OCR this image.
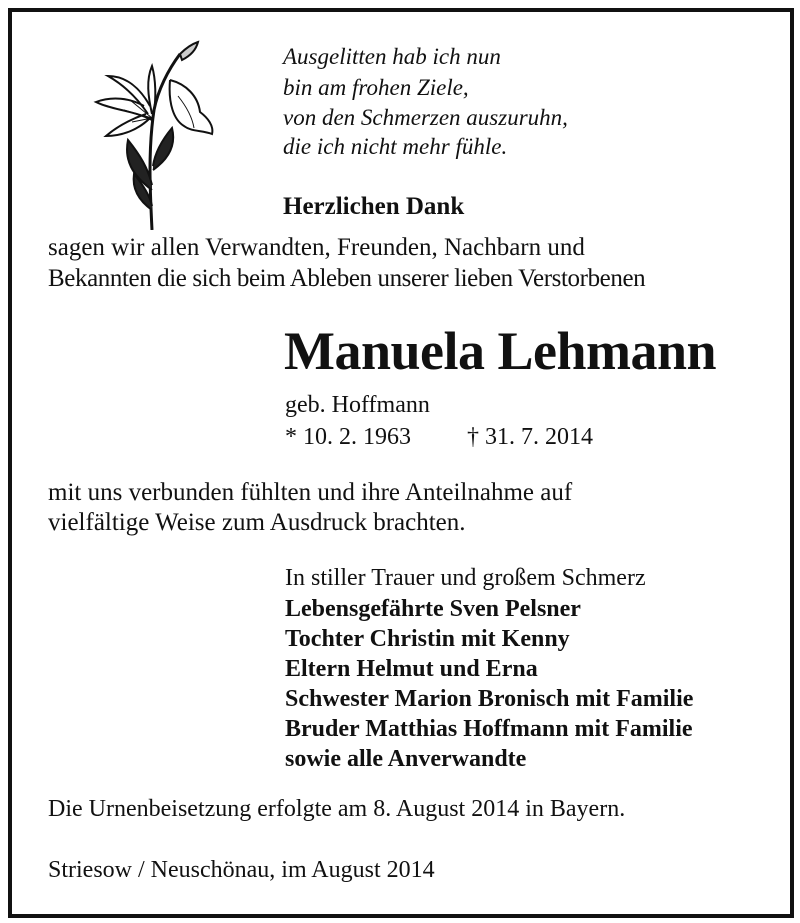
Ausgelitten hab ich nun
bin am frohen Ziele,
von den Schmerzen auszuruhn,
die ich nicht mehr fühle.
Herzlichen Dank
sagen wir allen Verwandten, Freunden, Nachbarn und
Bekannten die sich beim Ableben unserer lieben Verstorbenen
Manuela Lehmann
geb. Hoffmann
* 10. 2. 1963 † 31. 7. 2014
mit uns verbunden fühlten und ihre Anteilnahme auf
vielfältige Weise zum Ausdruck brachten.
In stiller Trauer und großem Schmerz
Lebensgefährte Sven Pelsner
Tochter Christin mit Kenny
Eltern Helmut und Erna
Schwester Marion Bronisch mit Familie
Bruder Matthias Hoffmann mit Familie
sowie alle Anverwandte
Die Urnenbeisetzung erfolgte am 8. August 2014 in Bayern.
Striesow / Neuschönau, im August 2014
